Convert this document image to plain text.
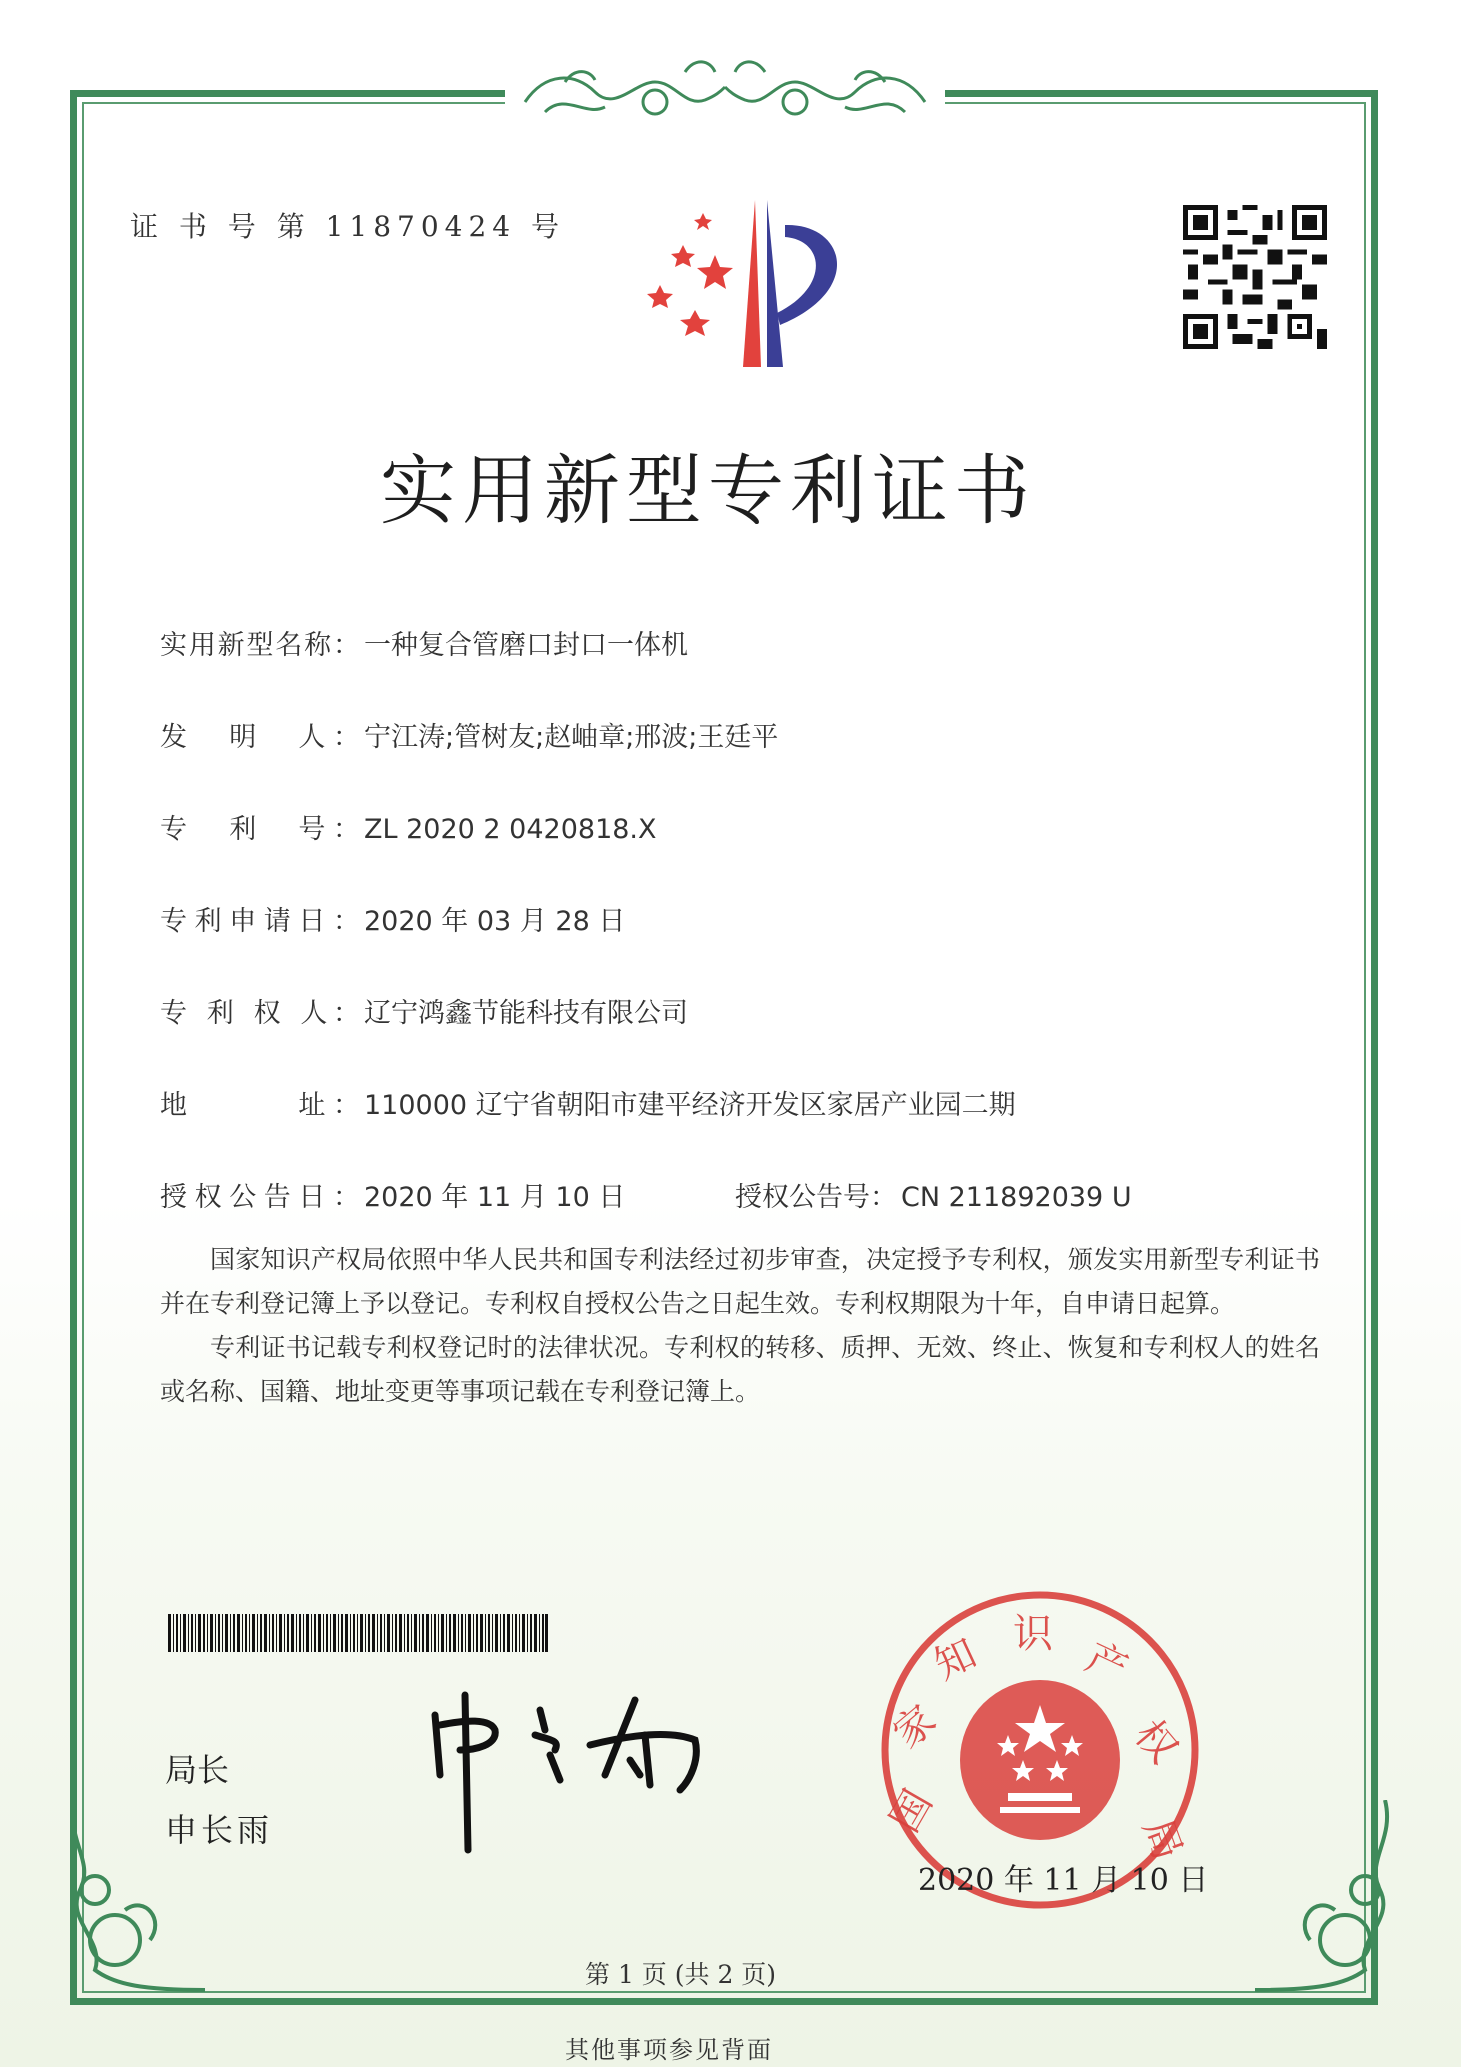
证 书 号 第 11870424 号
实用新型专利证书
实用新型名称： 一种复合管磨口封口一体机
发　明　人： 宁江涛;管树友;赵岫章;邢波;王廷平
专　利　号： ZL 2020 2 0420818.X
专利申请日： 2020 年 03 月 28 日
专 利 权 人： 辽宁鸿鑫节能科技有限公司
地　　　址： 110000 辽宁省朝阳市建平经济开发区家居产业园二期
授权公告日： 2020 年 11 月 10 日	授权公告号： CN 211892039 U

国家知识产权局依照中华人民共和国专利法经过初步审查，决定授予专利权，颁发实用新型专利证书并在专利登记簿上予以登记。专利权自授权公告之日起生效。专利权期限为十年，自申请日起算。

专利证书记载专利权登记时的法律状况。专利权的转移、质押、无效、终止、恢复和专利权人的姓名或名称、国籍、地址变更等事项记载在专利登记簿上。

局长
申长雨	国
家
知 识
产
权
局
2020 年 11 月 10 日
第 1 页 (共 2 页)
其他事项参见背面
